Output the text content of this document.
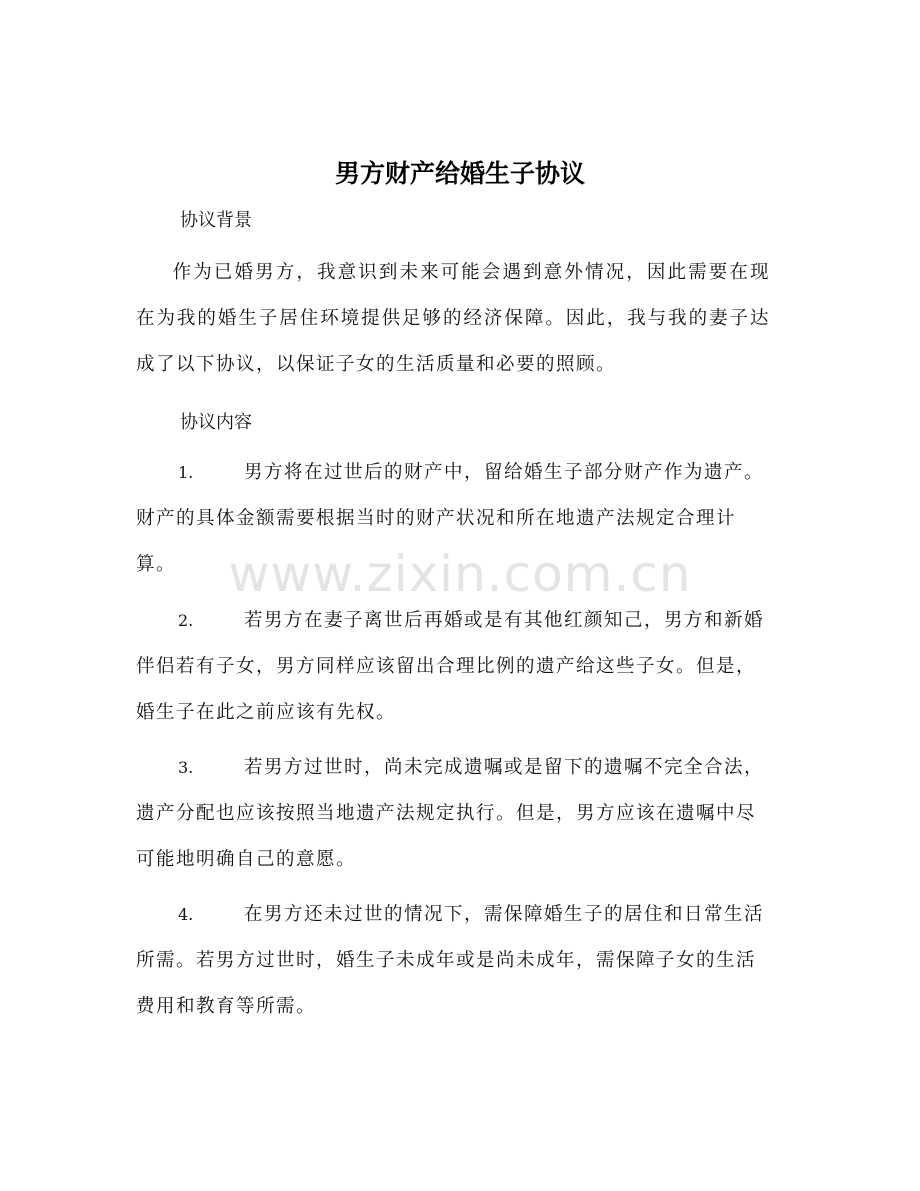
www.zixin.com.cn
男方财产给婚生子协议
协议背景
作为已婚男方，我意识到未来可能会遇到意外情况，因此需要在现在为我的婚生子居住环境提供足够的经济保障。因此，我与我的妻子达成了以下协议，以保证子女的生活质量和必要的照顾。
协议内容
1.	男方将在过世后的财产中，留给婚生子部分财产作为遗产。财产的具体金额需要根据当时的财产状况和所在地遗产法规定合理计算。
2.	若男方在妻子离世后再婚或是有其他红颜知己，男方和新婚伴侣若有子女，男方同样应该留出合理比例的遗产给这些子女。但是，婚生子在此之前应该有先权。
3.	若男方过世时，尚未完成遗嘱或是留下的遗嘱不完全合法，遗产分配也应该按照当地遗产法规定执行。但是，男方应该在遗嘱中尽可能地明确自己的意愿。
4.	在男方还未过世的情况下，需保障婚生子的居住和日常生活所需。若男方过世时，婚生子未成年或是尚未成年，需保障子女的生活费用和教育等所需。
